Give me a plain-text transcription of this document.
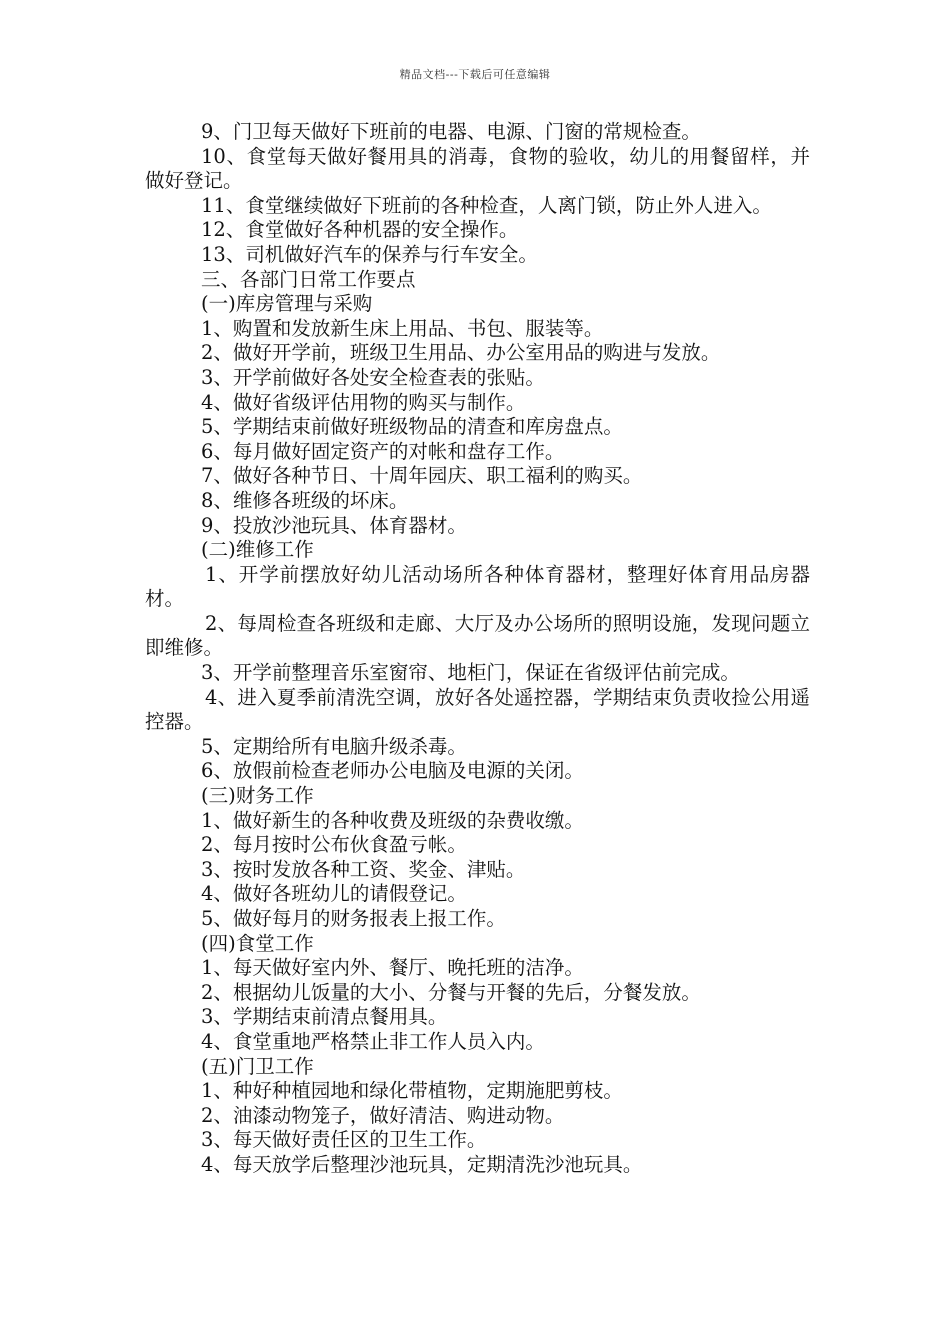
精品文档---下载后可任意编辑

9、门卫每天做好下班前的电器、电源、门窗的常规检查。

10、食堂每天做好餐用具的消毒，食物的验收，幼儿的用餐留样，并做好登记。

11、食堂继续做好下班前的各种检查，人离门锁，防止外人进入。

12、食堂做好各种机器的安全操作。

13、司机做好汽车的保养与行车安全。

三、各部门日常工作要点

(一)库房管理与采购

1、购置和发放新生床上用品、书包、服装等。

2、做好开学前，班级卫生用品、办公室用品的购进与发放。

3、开学前做好各处安全检查表的张贴。

4、做好省级评估用物的购买与制作。

5、学期结束前做好班级物品的清查和库房盘点。

6、每月做好固定资产的对帐和盘存工作。

7、做好各种节日、十周年园庆、职工福利的购买。

8、维修各班级的坏床。

9、投放沙池玩具、体育器材。

(二)维修工作

1、开学前摆放好幼儿活动场所各种体育器材，整理好体育用品房器材。

2、每周检查各班级和走廊、大厅及办公场所的照明设施，发现问题立即维修。

3、开学前整理音乐室窗帘、地柜门，保证在省级评估前完成。

4、进入夏季前清洗空调，放好各处遥控器，学期结束负责收捡公用遥控器。

5、定期给所有电脑升级杀毒。

6、放假前检查老师办公电脑及电源的关闭。

(三)财务工作

1、做好新生的各种收费及班级的杂费收缴。

2、每月按时公布伙食盈亏帐。

3、按时发放各种工资、奖金、津贴。

4、做好各班幼儿的请假登记。

5、做好每月的财务报表上报工作。

(四)食堂工作

1、每天做好室内外、餐厅、晚托班的洁净。

2、根据幼儿饭量的大小、分餐与开餐的先后，分餐发放。

3、学期结束前清点餐用具。

4、食堂重地严格禁止非工作人员入内。

(五)门卫工作

1、种好种植园地和绿化带植物，定期施肥剪枝。

2、油漆动物笼子，做好清洁、购进动物。

3、每天做好责任区的卫生工作。

4、每天放学后整理沙池玩具，定期清洗沙池玩具。
